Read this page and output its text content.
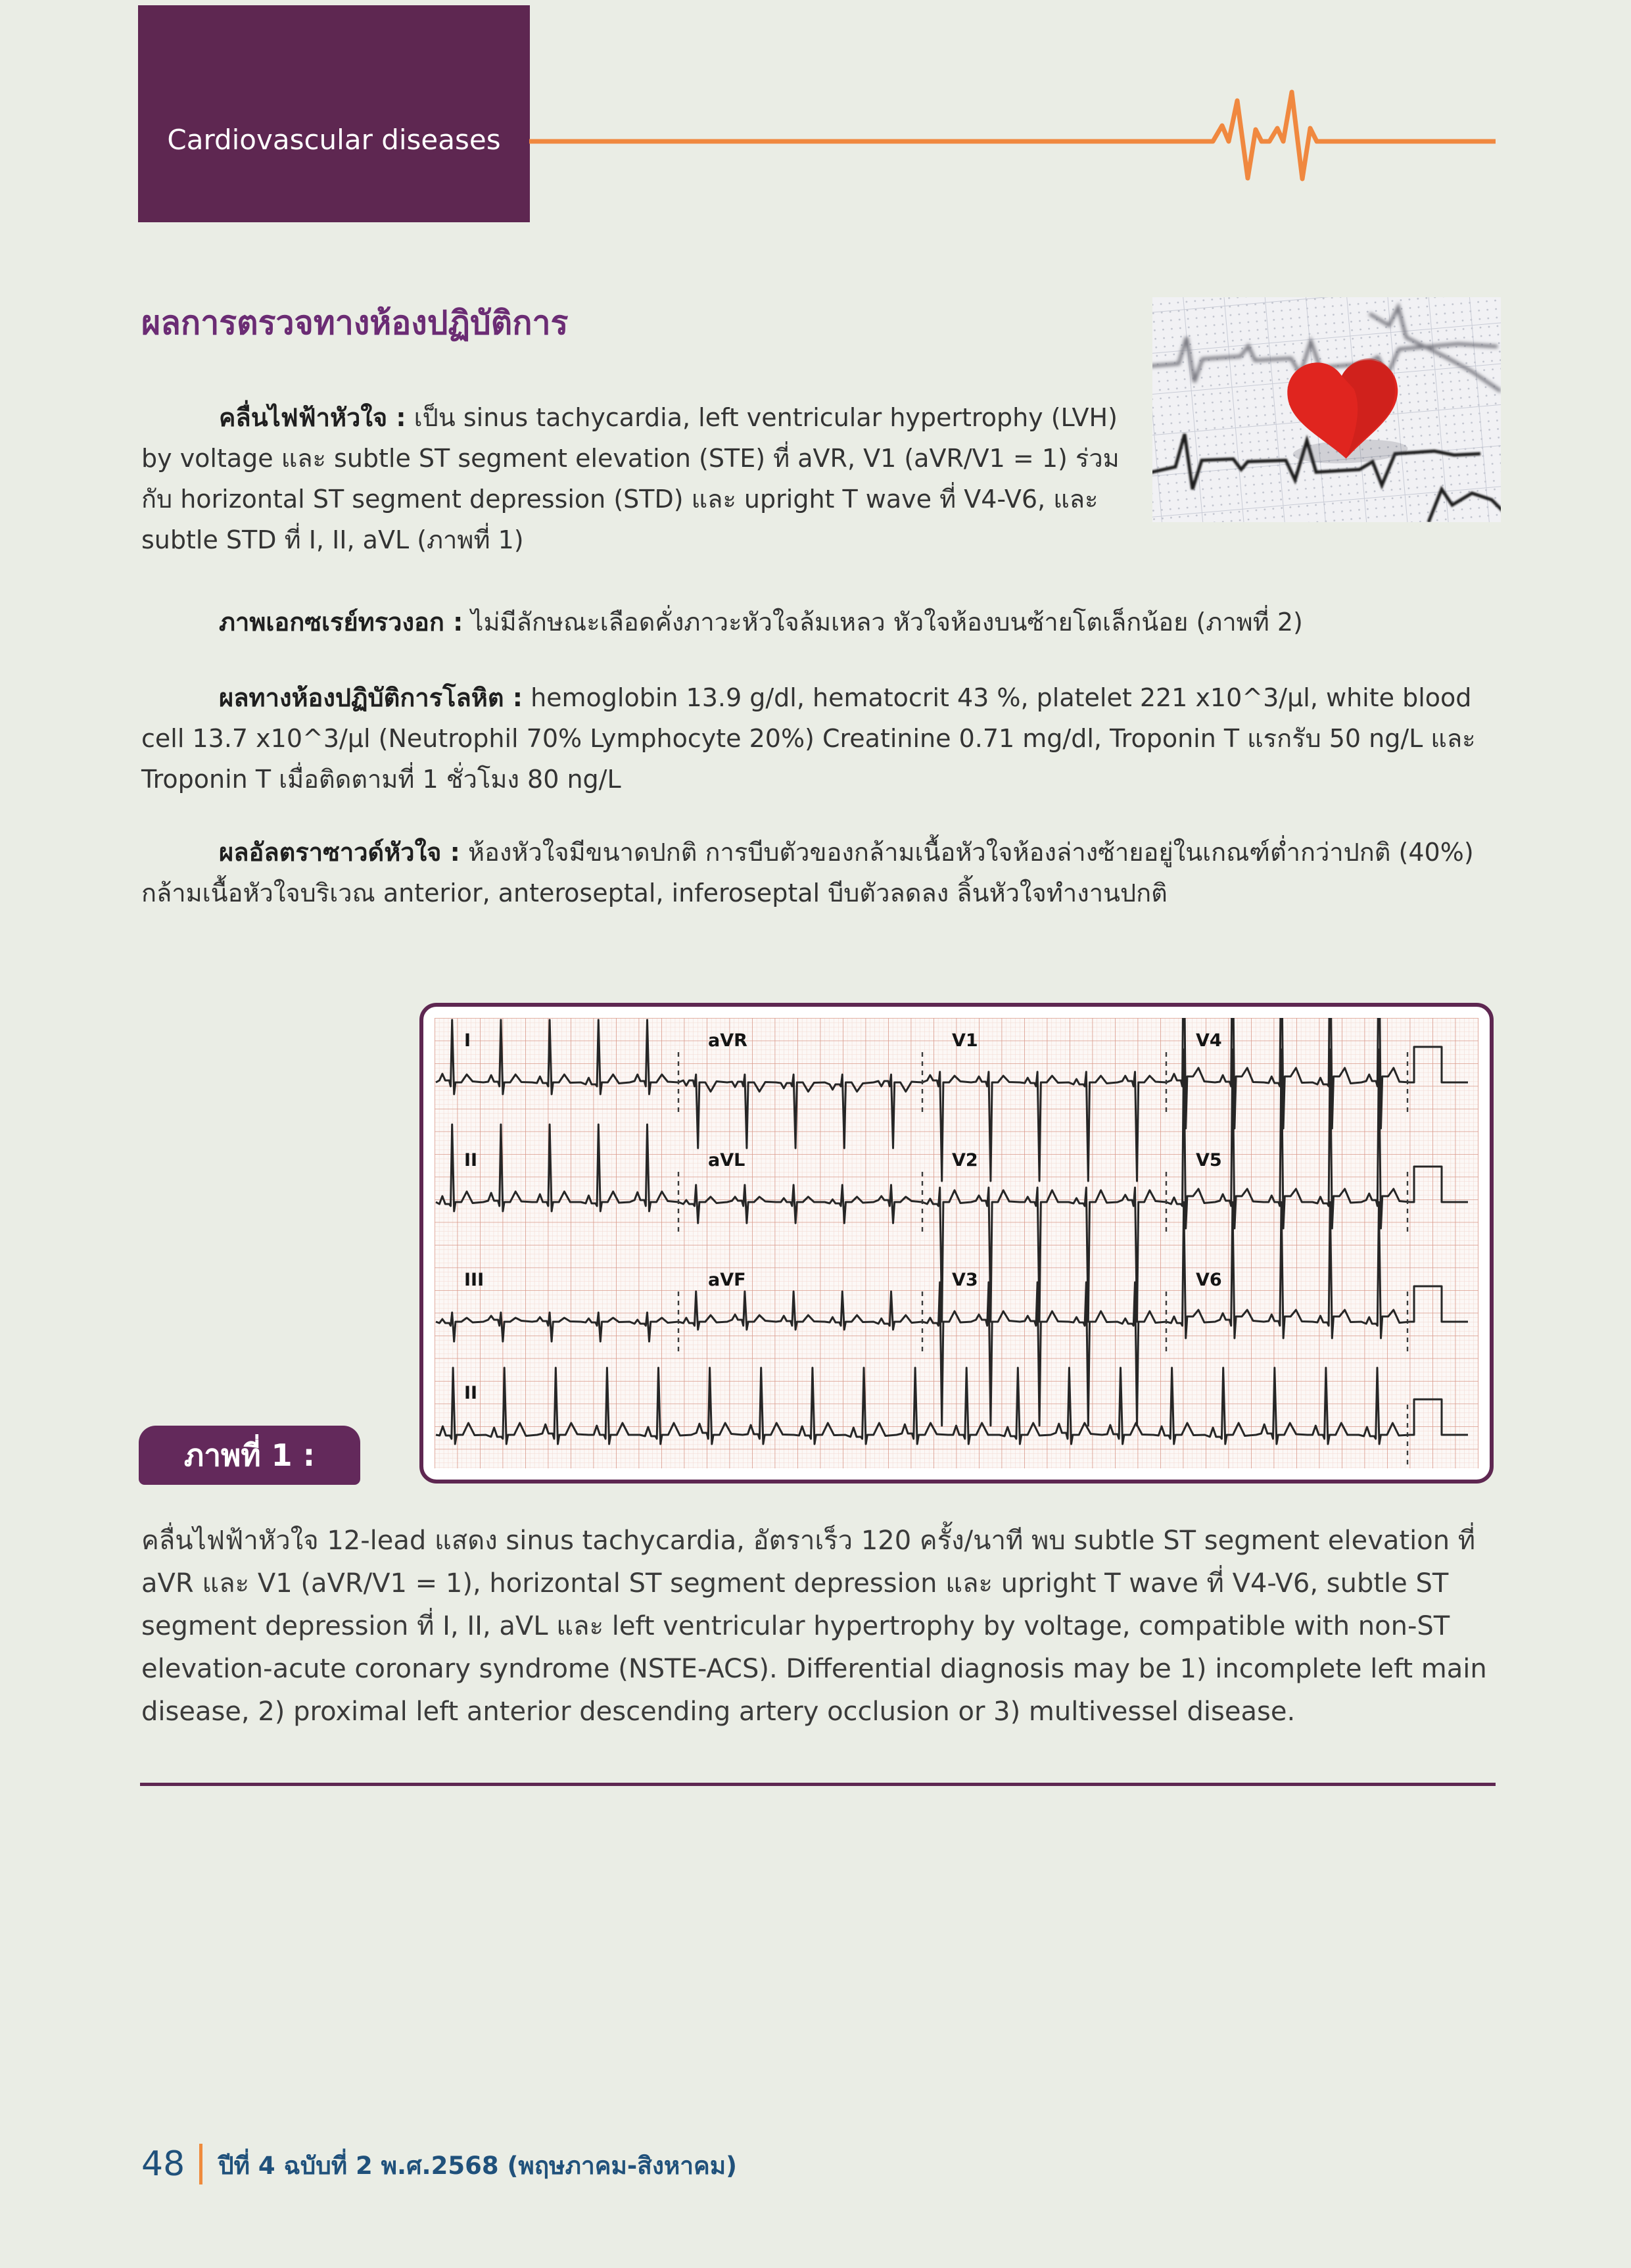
Cardiovascular diseases
ผลการตรวจทางห้องปฏิบัติการ

คลื่นไฟฟ้าหัวใจ : เป็น sinus tachycardia, left ventricular hypertrophy (LVH) by voltage และ subtle ST segment elevation (STE) ที่ aVR, V1 (aVR/V1 = 1) ร่วมกับ horizontal ST segment depression (STD) และ upright T wave ที่ V4-V6, และ subtle STD ที่ I, II, aVL (ภาพที่ 1)

ภาพเอกซเรย์ทรวงอก : ไม่มีลักษณะเลือดคั่งภาวะหัวใจล้มเหลว หัวใจห้องบนซ้ายโตเล็กน้อย (ภาพที่ 2)

ผลทางห้องปฏิบัติการโลหิต : hemoglobin 13.9 g/dl, hematocrit 43 %, platelet 221 x10^3/μl, white blood cell 13.7 x10^3/μl (Neutrophil 70% Lymphocyte 20%) Creatinine 0.71 mg/dl, Troponin T แรกรับ 50 ng/L และ Troponin T เมื่อติดตามที่ 1 ชั่วโมง 80 ng/L

ผลอัลตราซาวด์หัวใจ : ห้องหัวใจมีขนาดปกติ การบีบตัวของกล้ามเนื้อหัวใจห้องล่างซ้ายอยู่ในเกณฑ์ต่ำกว่าปกติ (40%) กล้ามเนื้อหัวใจบริเวณ anterior, anteroseptal, inferoseptal บีบตัวลดลง ลิ้นหัวใจทำงานปกติ

I	aVR	V1	V4
II	aVL	V2	V5
III	aVF	V3	V6
II
ภาพที่ 1 :
คลื่นไฟฟ้าหัวใจ 12-lead แสดง sinus tachycardia, อัตราเร็ว 120 ครั้ง/นาที พบ subtle ST segment elevation ที่ aVR และ V1 (aVR/V1 = 1), horizontal ST segment depression และ upright T wave ที่ V4-V6, subtle ST segment depression ที่ I, II, aVL และ left ventricular hypertrophy by voltage, compatible with non-ST elevation-acute coronary syndrome (NSTE-ACS). Differential diagnosis may be 1) incomplete left main disease, 2) proximal left anterior descending artery occlusion or 3) multivessel disease.
48 ปีที่ 4 ฉบับที่ 2 พ.ศ.2568 (พฤษภาคม-สิงหาคม)
